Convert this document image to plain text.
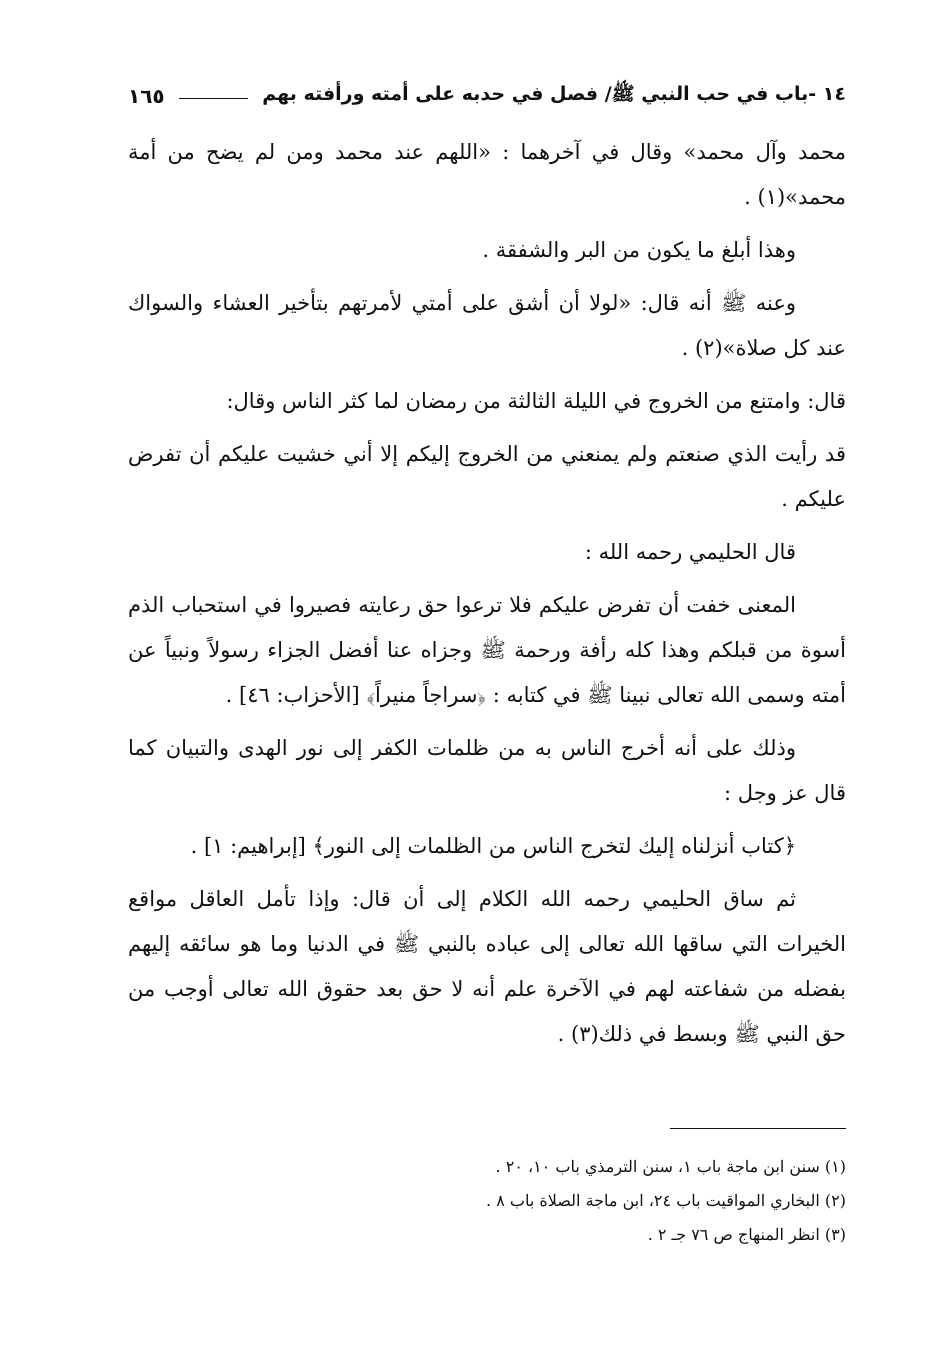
١٤ -باب في حب النبي ﷺ/ فصل في حدبه على أمته ورأفته بهم
١٦٥

محمد وآل محمد» وقال في آخرهما : «اللهم عند محمد ومن لم يضح من أمة محمد»(١) .

وهذا أبلغ ما يكون من البر والشفقة .

وعنه ﷺ أنه قال: «لولا أن أشق على أمتي لأمرتهم بتأخير العشاء والسواك عند كل صلاة»(٢) .

قال: وامتنع من الخروج في الليلة الثالثة من رمضان لما كثر الناس وقال:

قد رأيت الذي صنعتم ولم يمنعني من الخروج إليكم إلا أني خشيت عليكم أن تفرض عليكم .

قال الحليمي رحمه الله :

المعنى خفت أن تفرض عليكم فلا ترعوا حق رعايته فصيروا في استحباب الذم أسوة من قبلكم وهذا كله رأفة ورحمة ﷺ وجزاه عنا أفضل الجزاء رسولاً ونبياً عن أمته وسمى الله تعالى نبينا ﷺ في كتابه : ﴿سراجاً منيراً﴾ [الأحزاب: ٤٦] .

وذلك على أنه أخرج الناس به من ظلمات الكفر إلى نور الهدى والتبيان كما قال عز وجل :

﴿كتاب أنزلناه إليك لتخرج الناس من الظلمات إلى النور﴾ [إبراهيم: ١] .

ثم ساق الحليمي رحمه الله الكلام إلى أن قال: وإذا تأمل العاقل مواقع الخيرات التي ساقها الله تعالى إلى عباده بالنبي ﷺ في الدنيا وما هو سائقه إليهم بفضله من شفاعته لهم في الآخرة علم أنه لا حق بعد حقوق الله تعالى أوجب من حق النبي ﷺ وبسط في ذلك(٣) .

(١) سنن ابن ماجة باب ١، سنن الترمذي باب ١٠، ٢٠ .
(٢) البخاري المواقيت باب ٢٤، ابن ماجة الصلاة باب ٨ .
(٣) انظر المنهاج ص ٧٦ جـ ٢ .
